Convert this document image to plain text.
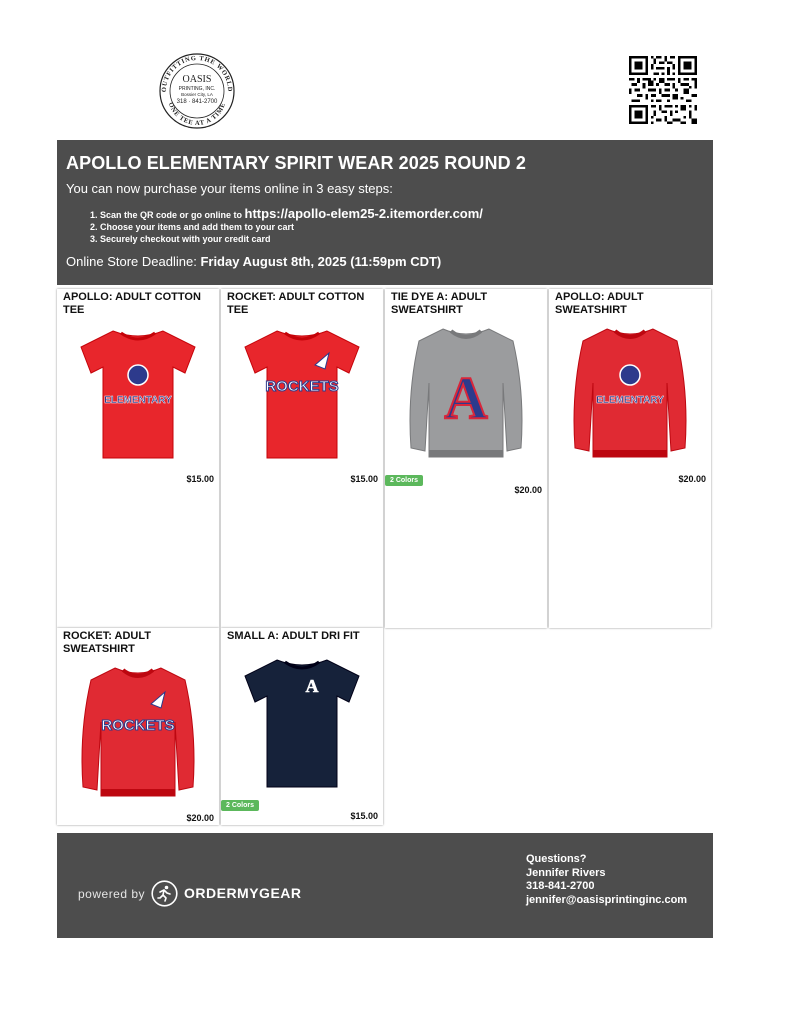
OUTFITTING THE WORLD
ONE TEE AT A TIME
OASIS
PRINTING, INC.
Bossier City, LA
318 · 841-2700
APOLLO ELEMENTARY SPIRIT WEAR 2025 ROUND 2
You can now purchase your items online in 3 easy steps:
1. Scan the QR code or go online to https://apollo-elem25-2.itemorder.com/
2. Choose your items and add them to your cart
3. Securely checkout with your credit card
Online Store Deadline: Friday August 8th, 2025 (11:59pm CDT)
APOLLO: ADULT COTTON TEE
ELEMENTARY
$15.00
ROCKET: ADULT COTTON TEE
ROCKETS
$15.00
TIE DYE A: ADULT SWEATSHIRT
A
2 Colors
$20.00
APOLLO: ADULT SWEATSHIRT
ELEMENTARY
$20.00
ROCKET: ADULT SWEATSHIRT
ROCKETS
$20.00
SMALL A: ADULT DRI FIT
A
2 Colors
$15.00
powered by	ORDERMYGEAR
Questions?
Jennifer Rivers
318-841-2700
jennifer@oasisprintinginc.com
